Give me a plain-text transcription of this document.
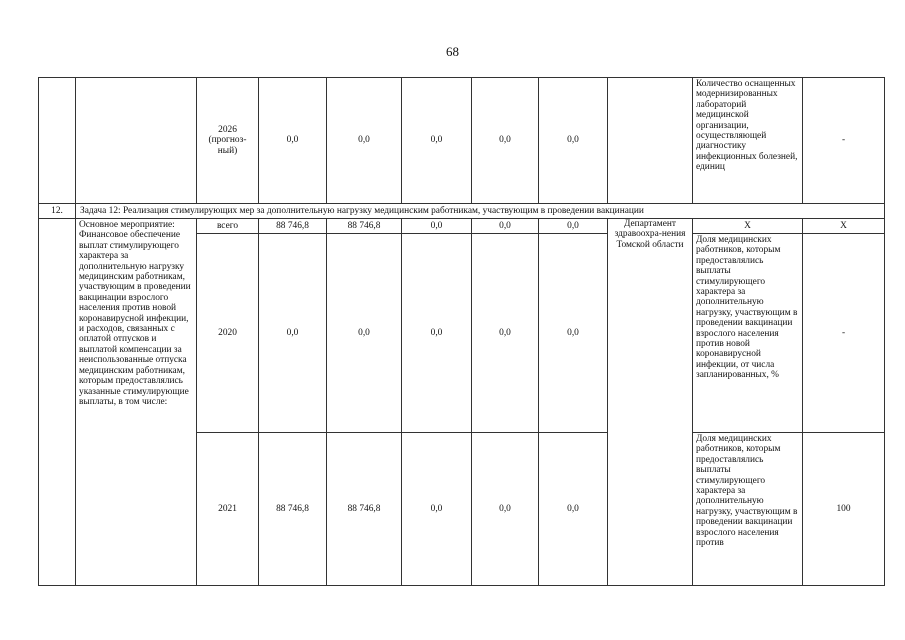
68
		2026 (прогноз-ный)	0,0	0,0	0,0	0,0	0,0		Количество оснащенных модернизированных лабораторий медицинской организации, осуществляющей диагностику инфекционных болезней, единиц	-
12.	Задача 12: Реализация стимулирующих мер за дополнительную нагрузку медицинским работникам, участвующим в проведении вакцинации									
	Основное мероприятие: Финансовое обеспечение выплат стимулирующего характера за дополнительную нагрузку медицинским работникам, участвующим в проведении вакцинации взрослого населения против новой коронавирусной инфекции, и расходов, связанных с оплатой отпусков и выплатой компенсации за неиспользованные отпуска медицинским работникам, которым предоставлялись указанные стимулирующие выплаты, в том числе:	всего	88 746,8	88 746,8	0,0	0,0	0,0	Департамент здравоохра-нения Томской области	X	X
		2020	0,0	0,0	0,0	0,0	0,0		Доля медицинских работников, которым предоставлялись выплаты стимулирующего характера за дополнительную нагрузку, участвующим в проведении вакцинации взрослого населения против новой коронавирусной инфекции, от числа запланированных, %	-
		2021	88 746,8	88 746,8	0,0	0,0	0,0		Доля медицинских работников, которым предоставлялись выплаты стимулирующего характера за дополнительную нагрузку, участвующим в проведении вакцинации взрослого населения против	100
